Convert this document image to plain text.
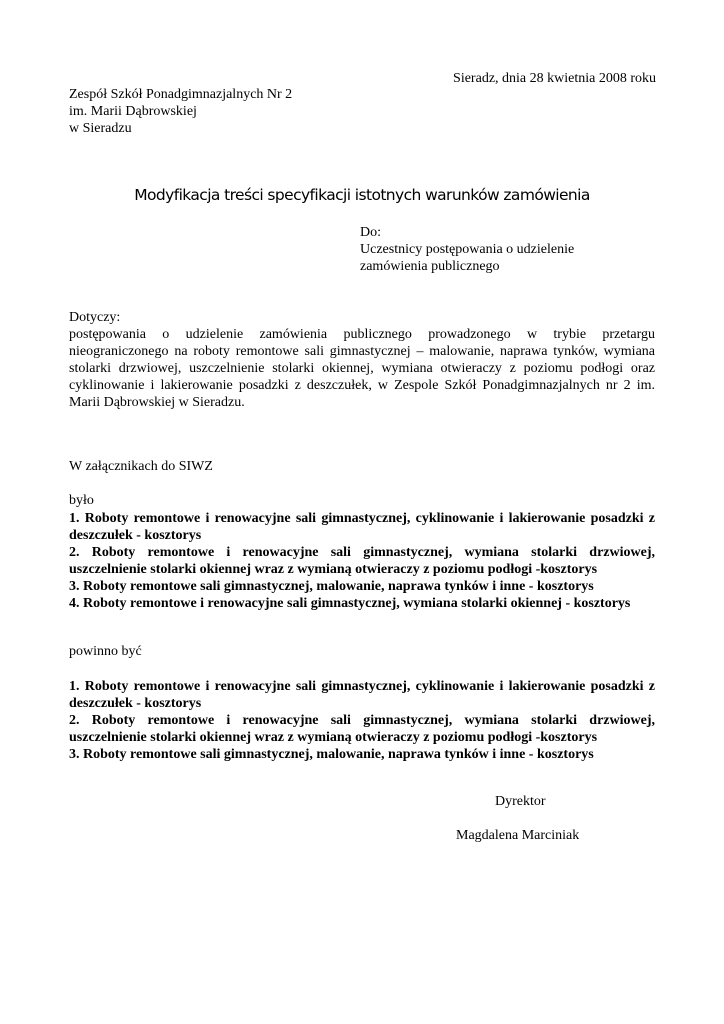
Sieradz, dnia 28 kwietnia 2008 roku
Zespół Szkół Ponadgimnazjalnych Nr 2
im. Marii Dąbrowskiej
w Sieradzu
Modyfikacja treści specyfikacji istotnych warunków zamówienia
Do:
Uczestnicy postępowania o udzielenie
zamówienia publicznego
Dotyczy:
postępowania o udzielenie zamówienia publicznego prowadzonego w trybie przetargu nieograniczonego na roboty remontowe sali gimnastycznej – malowanie, naprawa tynków, wymiana stolarki drzwiowej, uszczelnienie stolarki okiennej, wymiana otwieraczy z poziomu podłogi oraz cyklinowanie i lakierowanie posadzki z deszczułek, w Zespole Szkół Ponadgimnazjalnych nr 2 im. Marii Dąbrowskiej w Sieradzu.
W załącznikach do SIWZ
było
1. Roboty remontowe i renowacyjne sali gimnastycznej, cyklinowanie i lakierowanie posadzki z deszczułek - kosztorys
2. Roboty remontowe i renowacyjne sali gimnastycznej, wymiana stolarki drzwiowej, uszczelnienie stolarki okiennej wraz z wymianą otwieraczy z poziomu podłogi -kosztorys
3. Roboty remontowe sali gimnastycznej, malowanie, naprawa tynków i inne - kosztorys
4. Roboty remontowe i renowacyjne sali gimnastycznej, wymiana stolarki okiennej - kosztorys
powinno być
1. Roboty remontowe i renowacyjne sali gimnastycznej, cyklinowanie i lakierowanie posadzki z deszczułek - kosztorys
2. Roboty remontowe i renowacyjne sali gimnastycznej, wymiana stolarki drzwiowej, uszczelnienie stolarki okiennej wraz z wymianą otwieraczy z poziomu podłogi -kosztorys
3. Roboty remontowe sali gimnastycznej, malowanie, naprawa tynków i inne - kosztorys
Dyrektor
Magdalena Marciniak
